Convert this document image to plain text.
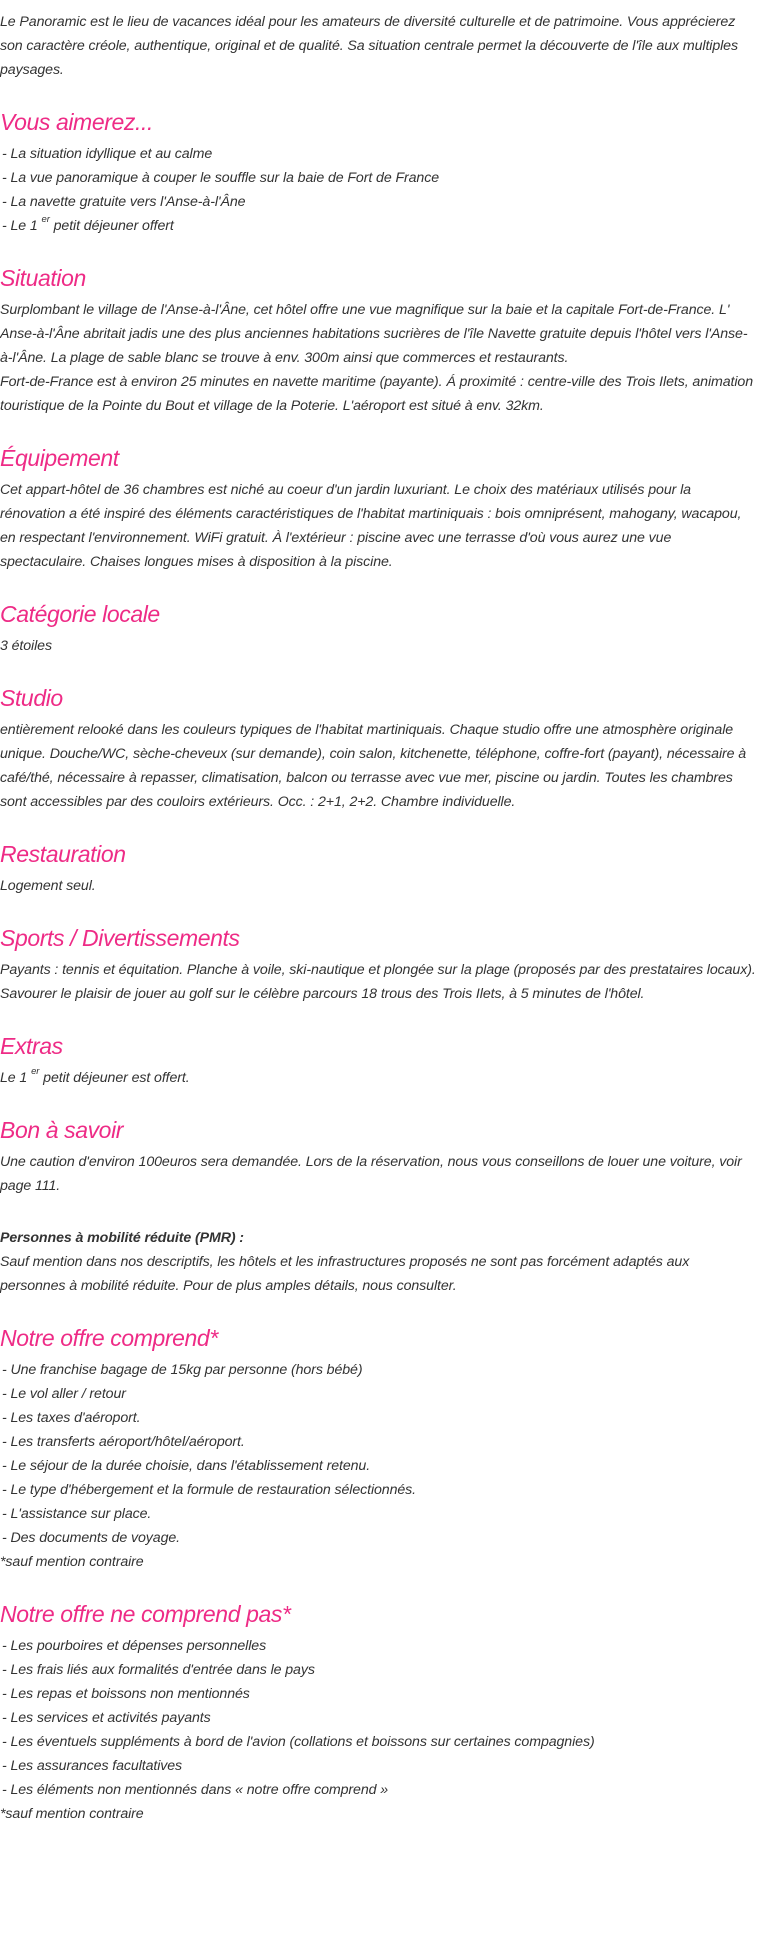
Le Panoramic est le lieu de vacances idéal pour les amateurs de diversité culturelle et de patrimoine. Vous apprécierez son caractère créole, authentique, original et de qualité. Sa situation centrale permet la découverte de l'île aux multiples paysages.

Vous aimerez...
- La situation idyllique et au calme
- La vue panoramique à couper le souffle sur la baie de Fort de France
- La navette gratuite vers l'Anse-à-l'Âne
- Le 1 $^{er}$ petit déjeuner offert
Situation

Surplombant le village de l'Anse-à-l'Âne, cet hôtel offre une vue magnifique sur la baie et la capitale Fort-de-France. L' Anse-à-l'Âne abritait jadis une des plus anciennes habitations sucrières de l'île Navette gratuite depuis l'hôtel vers l'Anse-à-l'Âne. La plage de sable blanc se trouve à env. 300m ainsi que commerces et restaurants.

Fort-de-France est à environ 25 minutes en navette maritime (payante). Á proximité : centre-ville des Trois Ilets, animation touristique de la Pointe du Bout et village de la Poterie. L'aéroport est situé à env. 32km.

Équipement

Cet appart-hôtel de 36 chambres est niché au coeur d'un jardin luxuriant. Le choix des matériaux utilisés pour la rénovation a été inspiré des éléments caractéristiques de l'habitat martiniquais : bois omniprésent, mahogany, wacapou, en respectant l'environnement. WiFi gratuit. À l'extérieur : piscine avec une terrasse d'où vous aurez une vue spectaculaire. Chaises longues mises à disposition à la piscine.

Catégorie locale

3 étoiles

Studio

entièrement relooké dans les couleurs typiques de l'habitat martiniquais. Chaque studio offre une atmosphère originale unique. Douche/WC, sèche-cheveux (sur demande), coin salon, kitchenette, téléphone, coffre-fort (payant), nécessaire à café/thé, nécessaire à repasser, climatisation, balcon ou terrasse avec vue mer, piscine ou jardin. Toutes les chambres sont accessibles par des couloirs extérieurs. Occ. : 2+1, 2+2. Chambre individuelle.

Restauration

Logement seul.

Sports / Divertissements

Payants : tennis et équitation. Planche à voile, ski-nautique et plongée sur la plage (proposés par des prestataires locaux). Savourer le plaisir de jouer au golf sur le célèbre parcours 18 trous des Trois Ilets, à 5 minutes de l'hôtel.

Extras

Le 1 $^{er}$ petit déjeuner est offert.

Bon à savoir

Une caution d'environ 100euros sera demandée. Lors de la réservation, nous vous conseillons de louer une voiture, voir page 111.

Personnes à mobilité réduite (PMR) :

Sauf mention dans nos descriptifs, les hôtels et les infrastructures proposés ne sont pas forcément adaptés aux personnes à mobilité réduite. Pour de plus amples détails, nous consulter.

Notre offre comprend*
- Une franchise bagage de 15kg par personne (hors bébé)
- Le vol aller / retour
- Les taxes d'aéroport.
- Les transferts aéroport/hôtel/aéroport.
- Le séjour de la durée choisie, dans l'établissement retenu.
- Le type d'hébergement et la formule de restauration sélectionnés.
- L'assistance sur place.
- Des documents de voyage.
*sauf mention contraire
Notre offre ne comprend pas*
- Les pourboires et dépenses personnelles
- Les frais liés aux formalités d'entrée dans le pays
- Les repas et boissons non mentionnés
- Les services et activités payants
- Les éventuels suppléments à bord de l'avion (collations et boissons sur certaines compagnies)
- Les assurances facultatives
- Les éléments non mentionnés dans « notre offre comprend »
*sauf mention contraire
